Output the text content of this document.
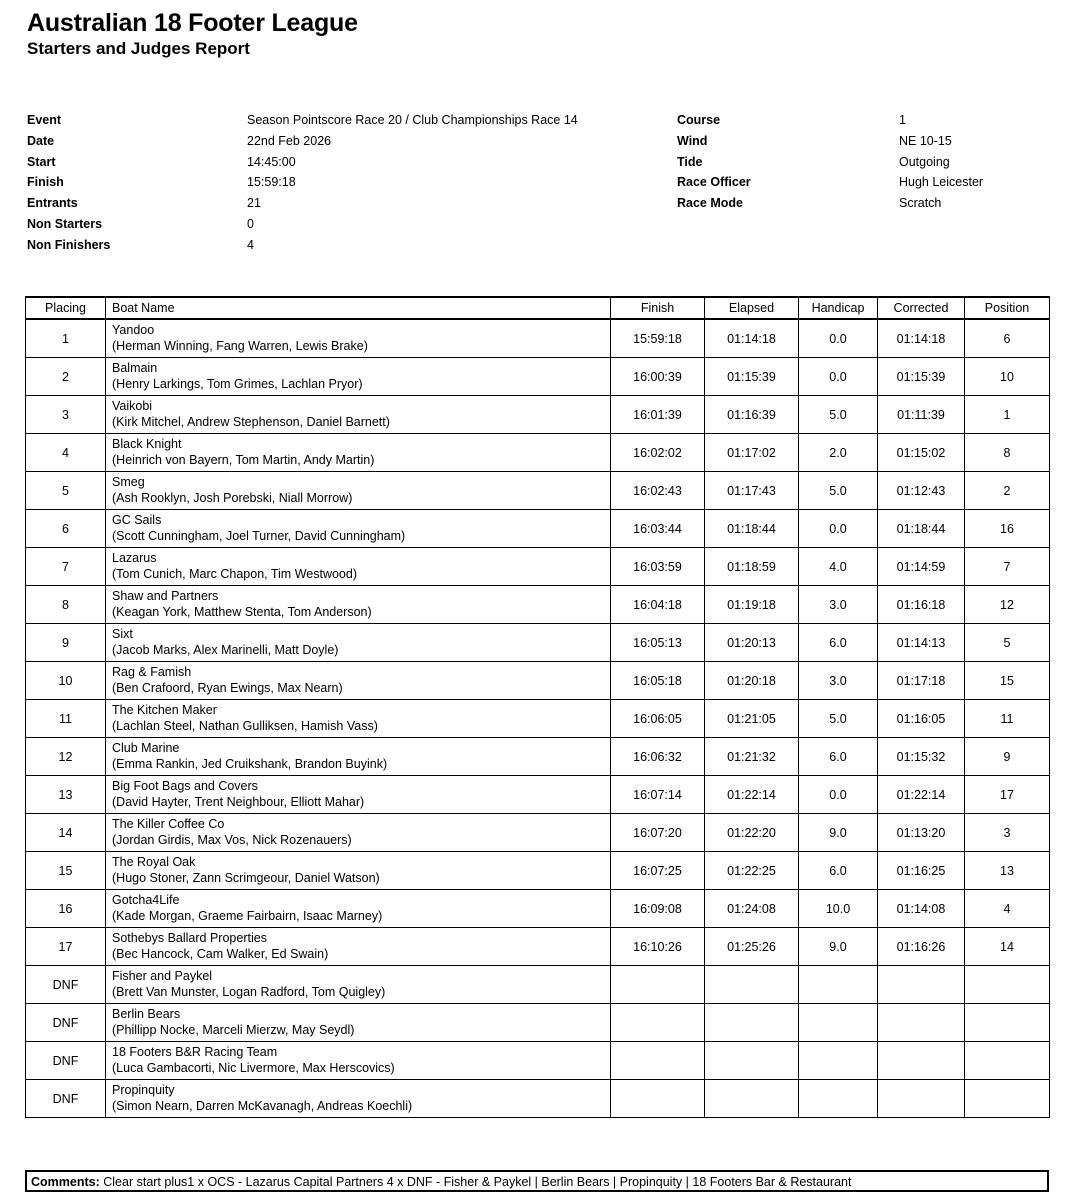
Australian 18 Footer League
Starters and Judges Report
Event	Season Pointscore Race 20 / Club Championships Race 14
Date	22nd Feb 2026
Start	14:45:00
Finish	15:59:18
Entrants	21
Non Starters	0
Non Finishers	4
Course	1
Wind	NE 10-15
Tide	Outgoing
Race Officer	Hugh Leicester
Race Mode	Scratch
Placing	Boat Name	Finish	Elapsed	Handicap	Corrected	Position
1	Yandoo
(Herman Winning, Fang Warren, Lewis Brake)	15:59:18	01:14:18	0.0	01:14:18	6
2	Balmain
(Henry Larkings, Tom Grimes, Lachlan Pryor)	16:00:39	01:15:39	0.0	01:15:39	10
3	Vaikobi
(Kirk Mitchel, Andrew Stephenson, Daniel Barnett)	16:01:39	01:16:39	5.0	01:11:39	1
4	Black Knight
(Heinrich von Bayern, Tom Martin, Andy Martin)	16:02:02	01:17:02	2.0	01:15:02	8
5	Smeg
(Ash Rooklyn, Josh Porebski, Niall Morrow)	16:02:43	01:17:43	5.0	01:12:43	2
6	GC Sails
(Scott Cunningham, Joel Turner, David Cunningham)	16:03:44	01:18:44	0.0	01:18:44	16
7	Lazarus
(Tom Cunich, Marc Chapon, Tim Westwood)	16:03:59	01:18:59	4.0	01:14:59	7
8	Shaw and Partners
(Keagan York, Matthew Stenta, Tom Anderson)	16:04:18	01:19:18	3.0	01:16:18	12
9	Sixt
(Jacob Marks, Alex Marinelli, Matt Doyle)	16:05:13	01:20:13	6.0	01:14:13	5
10	Rag & Famish
(Ben Crafoord, Ryan Ewings, Max Nearn)	16:05:18	01:20:18	3.0	01:17:18	15
11	The Kitchen Maker
(Lachlan Steel, Nathan Gulliksen, Hamish Vass)	16:06:05	01:21:05	5.0	01:16:05	11
12	Club Marine
(Emma Rankin, Jed Cruikshank, Brandon Buyink)	16:06:32	01:21:32	6.0	01:15:32	9
13	Big Foot Bags and Covers
(David Hayter, Trent Neighbour, Elliott Mahar)	16:07:14	01:22:14	0.0	01:22:14	17
14	The Killer Coffee Co
(Jordan Girdis, Max Vos, Nick Rozenauers)	16:07:20	01:22:20	9.0	01:13:20	3
15	The Royal Oak
(Hugo Stoner, Zann Scrimgeour, Daniel Watson)	16:07:25	01:22:25	6.0	01:16:25	13
16	Gotcha4Life
(Kade Morgan, Graeme Fairbairn, Isaac Marney)	16:09:08	01:24:08	10.0	01:14:08	4
17	Sothebys Ballard Properties
(Bec Hancock, Cam Walker, Ed Swain)	16:10:26	01:25:26	9.0	01:16:26	14
DNF	Fisher and Paykel
(Brett Van Munster, Logan Radford, Tom Quigley)					

DNF	Berlin Bears
(Phillipp Nocke, Marceli Mierzw, May Seydl)					

DNF	18 Footers B&R Racing Team
(Luca Gambacorti, Nic Livermore, Max Herscovics)					

DNF	Propinquity
(Simon Nearn, Darren McKavanagh, Andreas Koechli)					

Comments: Clear start plus1 x OCS - Lazarus Capital Partners 4 x DNF - Fisher & Paykel | Berlin Bears | Propinquity | 18 Footers Bar & Restaurant
